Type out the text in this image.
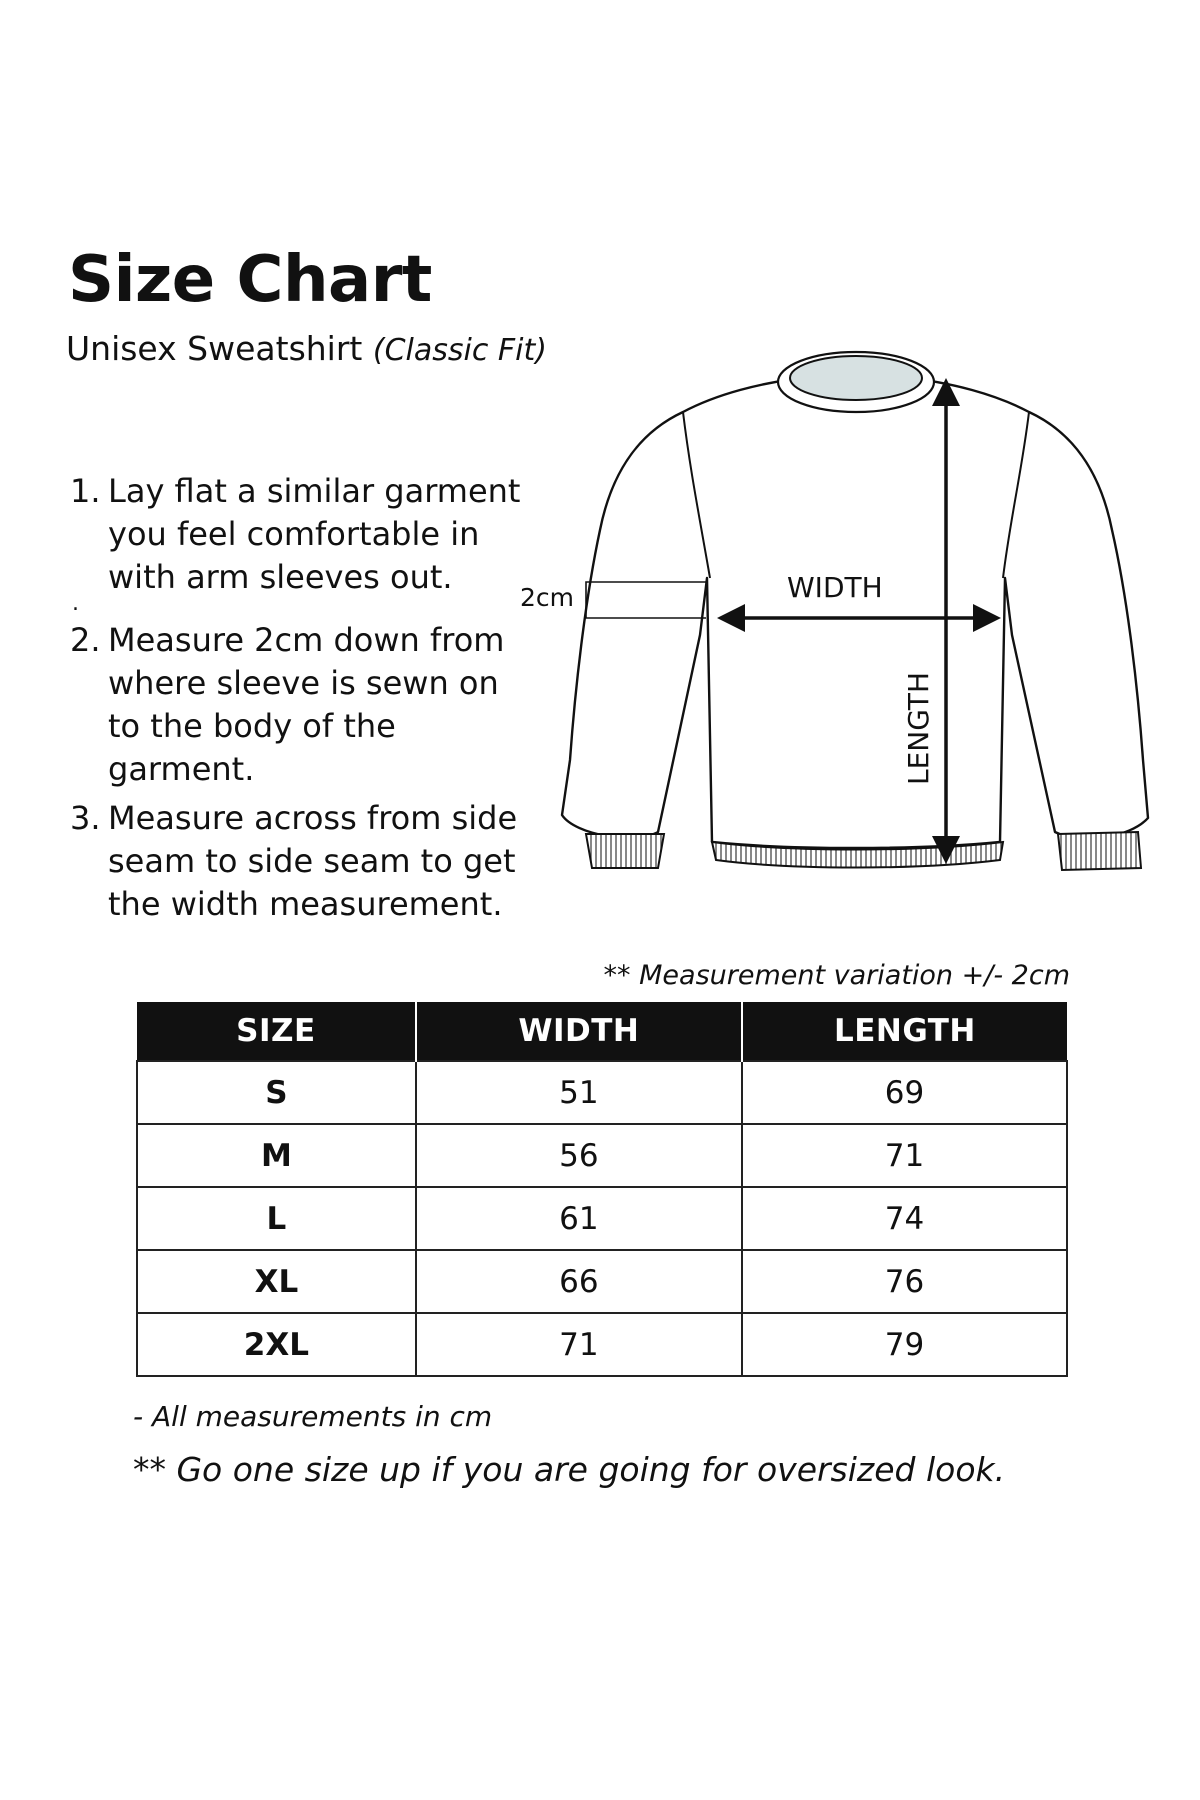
Size Chart
Unisex Sweatshirt (Classic Fit)

1. Lay flat a similar garment you feel comfortable in with arm sleeves out.

.

2. Measure 2cm down from where sleeve is sewn on to the body of the garment.

3. Measure across from side seam to side seam to get the width measurement.

2cm	WIDTH
LENGTH

** Measurement variation +/- 2cm

SIZE	WIDTH	LENGTH
S	51	69
M	56	71
L	61	74
XL	66	76
2XL	71	79

- All measurements in cm

** Go one size up if you are going for oversized look.
